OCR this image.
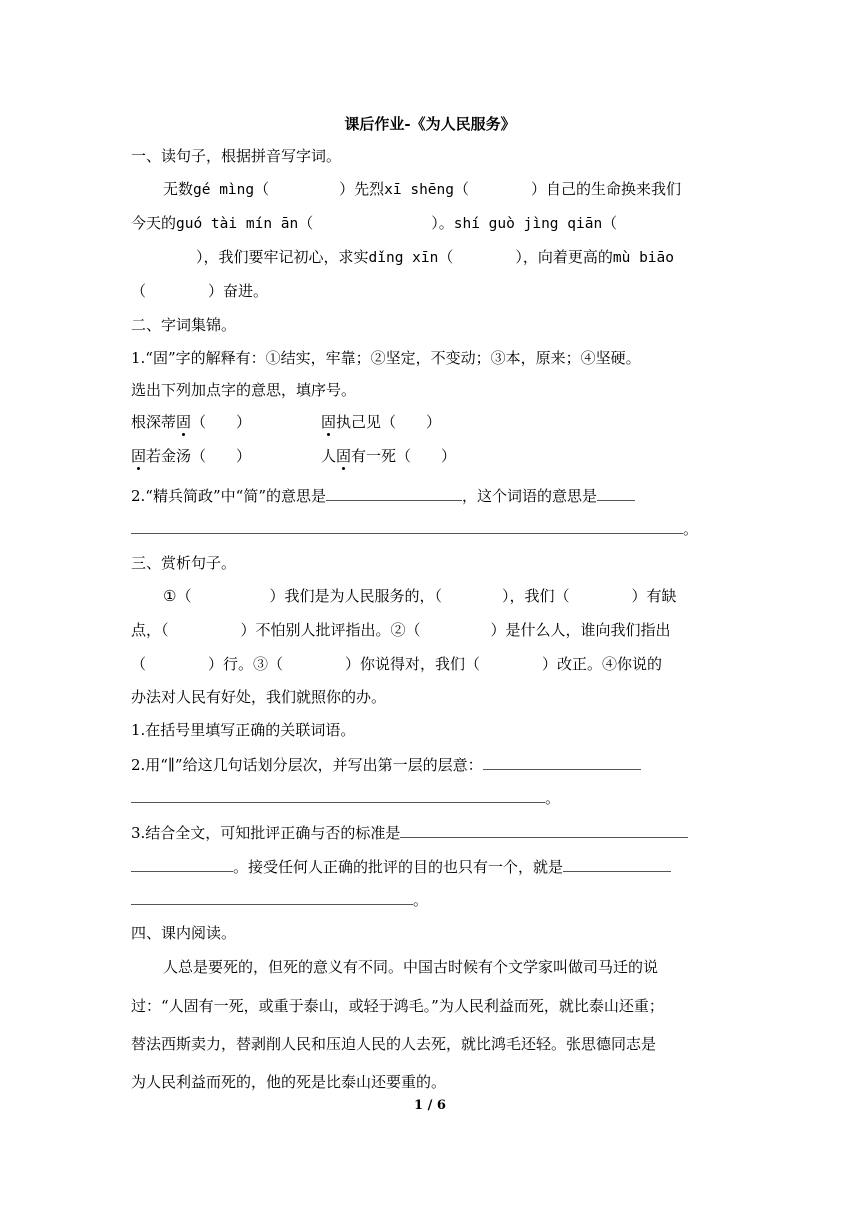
课后作业-《为人民服务》
一、读句子，根据拼音写字词。
无数gé mìng（	）先烈xī shēng（	）自己的生命换来我们
今天的guó tài mín ān（	）。shí guò jìng qiān（
），我们要牢记初心，求实dǐng xīn（	），向着更高的mù biāo
（	）奋进。
二、字词集锦。
1.“固”字的解释有：①结实，牢靠；②坚定，不变动；③本，原来；④坚硬。
选出下列加点字的意思，填序号。
根深蒂固（　　）	固执己见（　　）
固若金汤（　　）	人固有一死（　　）
2.“精兵简政”中“简”的意思是	，这个词语的意思是
。
三、赏析句子。
①（	）我们是为人民服务的，（	），我们（	）有缺
点，（	）不怕别人批评指出。②（	）是什么人，谁向我们指出
（	）行。③（	）你说得对，我们（	）改正。④你说的
办法对人民有好处，我们就照你的办。
1.在括号里填写正确的关联词语。
2.用“∥”给这几句话划分层次，并写出第一层的层意：
。
3.结合全文，可知批评正确与否的标准是
。接受任何人正确的批评的目的也只有一个，就是
。
四、课内阅读。
人总是要死的，但死的意义有不同。中国古时候有个文学家叫做司马迁的说
过：“人固有一死，或重于泰山，或轻于鸿毛。”为人民利益而死，就比泰山还重；
替法西斯卖力，替剥削人民和压迫人民的人去死，就比鸿毛还轻。张思德同志是
为人民利益而死的，他的死是比泰山还要重的。
1 / 6
